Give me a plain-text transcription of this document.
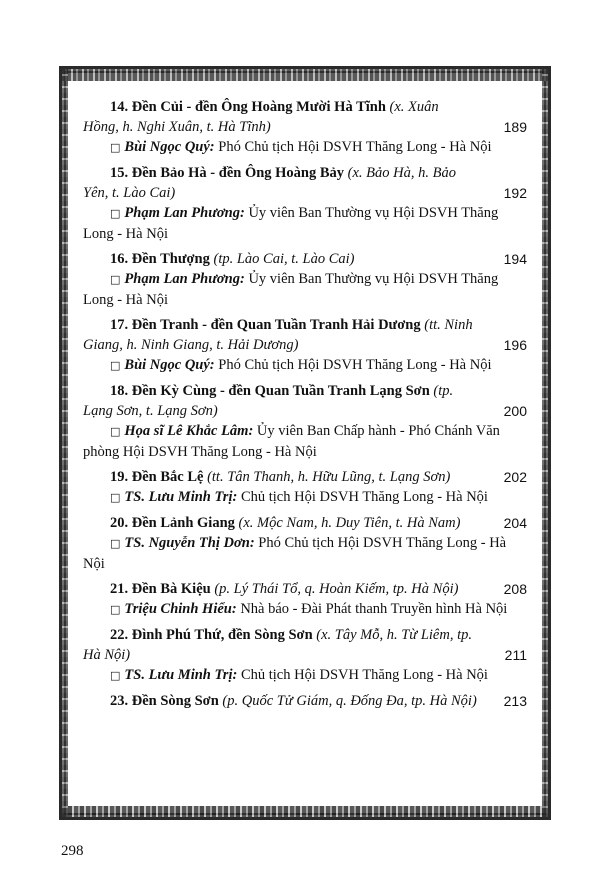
14. Đền Củi - đền Ông Hoàng Mười Hà Tĩnh (x. Xuân Hồng, h. Nghi Xuân, t. Hà Tĩnh)	189
□ Bùi Ngọc Quý: Phó Chủ tịch Hội DSVH Thăng Long - Hà Nội
15. Đền Bảo Hà - đền Ông Hoàng Bảy (x. Bảo Hà, h. Bảo Yên, t. Lào Cai)	192
□ Phạm Lan Phương: Ủy viên Ban Thường vụ Hội DSVH Thăng Long - Hà Nội
16. Đền Thượng (tp. Lào Cai, t. Lào Cai)	194
□ Phạm Lan Phương: Ủy viên Ban Thường vụ Hội DSVH Thăng Long - Hà Nội
17. Đền Tranh - đền Quan Tuần Tranh Hải Dương (tt. Ninh Giang, h. Ninh Giang, t. Hải Dương)	196
□ Bùi Ngọc Quý: Phó Chủ tịch Hội DSVH Thăng Long - Hà Nội
18. Đền Kỳ Cùng - đền Quan Tuần Tranh Lạng Sơn (tp. Lạng Sơn, t. Lạng Sơn)	200
□ Họa sĩ Lê Khắc Lâm: Ủy viên Ban Chấp hành - Phó Chánh Văn phòng Hội DSVH Thăng Long - Hà Nội
19. Đền Bắc Lệ (tt. Tân Thanh, h. Hữu Lũng, t. Lạng Sơn)	202
□ TS. Lưu Minh Trị: Chủ tịch Hội DSVH Thăng Long - Hà Nội
20. Đền Lảnh Giang (x. Mộc Nam, h. Duy Tiên, t. Hà Nam)	204
□ TS. Nguyễn Thị Dơn: Phó Chủ tịch Hội DSVH Thăng Long - Hà Nội
21. Đền Bà Kiệu (p. Lý Thái Tổ, q. Hoàn Kiếm, tp. Hà Nội)	208
□ Triệu Chinh Hiểu: Nhà báo - Đài Phát thanh Truyền hình Hà Nội
22. Đình Phú Thứ, đền Sòng Sơn (x. Tây Mỗ, h. Từ Liêm, tp. Hà Nội)	211
□ TS. Lưu Minh Trị: Chủ tịch Hội DSVH Thăng Long - Hà Nội
23. Đền Sòng Sơn (p. Quốc Tử Giám, q. Đống Đa, tp. Hà Nội)	213
298
